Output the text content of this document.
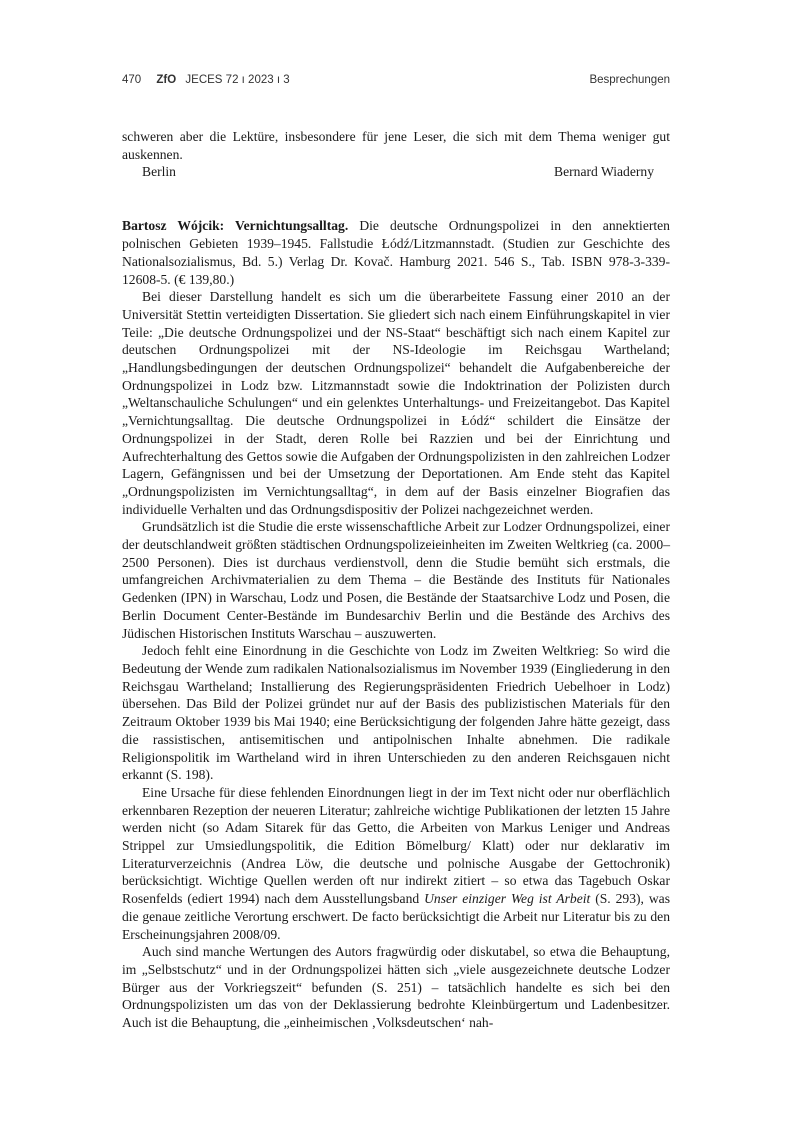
470 ZfO JECES 72 ı 2023 ı 3	Besprechungen

schweren aber die Lektüre, insbesondere für jene Leser, die sich mit dem Thema weniger gut auskennen.

Berlin	Bernard Wiaderny

Bartosz Wójcik: Vernichtungsalltag. Die deutsche Ordnungspolizei in den annektierten polnischen Gebieten 1939–1945. Fallstudie Łódź/Litzmannstadt. (Studien zur Geschichte des Nationalsozialismus, Bd. 5.) Verlag Dr. Kovač. Hamburg 2021. 546 S., Tab. ISBN 978-3-339-12608-5. (€ 139,80.)

Bei dieser Darstellung handelt es sich um die überarbeitete Fassung einer 2010 an der Universität Stettin verteidigten Dissertation. Sie gliedert sich nach einem Einführungskapitel in vier Teile: „Die deutsche Ordnungspolizei und der NS-Staat“ beschäftigt sich nach einem Kapitel zur deutschen Ordnungspolizei mit der NS-Ideologie im Reichsgau Wartheland; „Handlungsbedingungen der deutschen Ordnungspolizei“ behandelt die Aufgabenbereiche der Ordnungspolizei in Lodz bzw. Litzmannstadt sowie die Indoktrination der Polizisten durch „Weltanschauliche Schulungen“ und ein gelenktes Unterhaltungs- und Freizeitangebot. Das Kapitel „Vernichtungsalltag. Die deutsche Ordnungspolizei in Łódź“ schildert die Einsätze der Ordnungspolizei in der Stadt, deren Rolle bei Razzien und bei der Einrichtung und Aufrechterhaltung des Gettos sowie die Aufgaben der Ordnungspolizisten in den zahlreichen Lodzer Lagern, Gefängnissen und bei der Umsetzung der Deportationen. Am Ende steht das Kapitel „Ordnungspolizisten im Vernichtungsalltag“, in dem auf der Basis einzelner Biografien das individuelle Verhalten und das Ordnungsdispositiv der Polizei nachgezeichnet werden.

Grundsätzlich ist die Studie die erste wissenschaftliche Arbeit zur Lodzer Ordnungspolizei, einer der deutschlandweit größten städtischen Ordnungspolizeieinheiten im Zweiten Weltkrieg (ca. 2000–2500 Personen). Dies ist durchaus verdienstvoll, denn die Studie bemüht sich erstmals, die umfangreichen Archivmaterialien zu dem Thema – die Bestände des Instituts für Nationales Gedenken (IPN) in Warschau, Lodz und Posen, die Bestände der Staatsarchive Lodz und Posen, die Berlin Document Center-Bestände im Bundesarchiv Berlin und die Bestände des Archivs des Jüdischen Historischen Instituts Warschau – auszuwerten.

Jedoch fehlt eine Einordnung in die Geschichte von Lodz im Zweiten Weltkrieg: So wird die Bedeutung der Wende zum radikalen Nationalsozialismus im November 1939 (Eingliederung in den Reichsgau Wartheland; Installierung des Regierungspräsidenten Friedrich Uebelhoer in Lodz) übersehen. Das Bild der Polizei gründet nur auf der Basis des publizistischen Materials für den Zeitraum Oktober 1939 bis Mai 1940; eine Berücksichtigung der folgenden Jahre hätte gezeigt, dass die rassistischen, antisemitischen und antipolnischen Inhalte abnehmen. Die radikale Religionspolitik im Wartheland wird in ihren Unterschieden zu den anderen Reichsgauen nicht erkannt (S. 198).

Eine Ursache für diese fehlenden Einordnungen liegt in der im Text nicht oder nur oberflächlich erkennbaren Rezeption der neueren Literatur; zahlreiche wichtige Publikationen der letzten 15 Jahre werden nicht (so Adam Sitarek für das Getto, die Arbeiten von Markus Leniger und Andreas Strippel zur Umsiedlungspolitik, die Edition Bömelburg/ Klatt) oder nur deklarativ im Literaturverzeichnis (Andrea Löw, die deutsche und polnische Ausgabe der Gettochronik) berücksichtigt. Wichtige Quellen werden oft nur indirekt zitiert – so etwa das Tagebuch Oskar Rosenfelds (ediert 1994) nach dem Ausstellungsband Unser einziger Weg ist Arbeit (S. 293), was die genaue zeitliche Verortung erschwert. De facto berücksichtigt die Arbeit nur Literatur bis zu den Erscheinungsjahren 2008/09.

Auch sind manche Wertungen des Autors fragwürdig oder diskutabel, so etwa die Behauptung, im „Selbstschutz“ und in der Ordnungspolizei hätten sich „viele ausgezeichnete deutsche Lodzer Bürger aus der Vorkriegszeit“ befunden (S. 251) – tatsächlich handelte es sich bei den Ordnungspolizisten um das von der Deklassierung bedrohte Kleinbürgertum und Ladenbesitzer. Auch ist die Behauptung, die „einheimischen ‚Volksdeutschen‘ nah-
